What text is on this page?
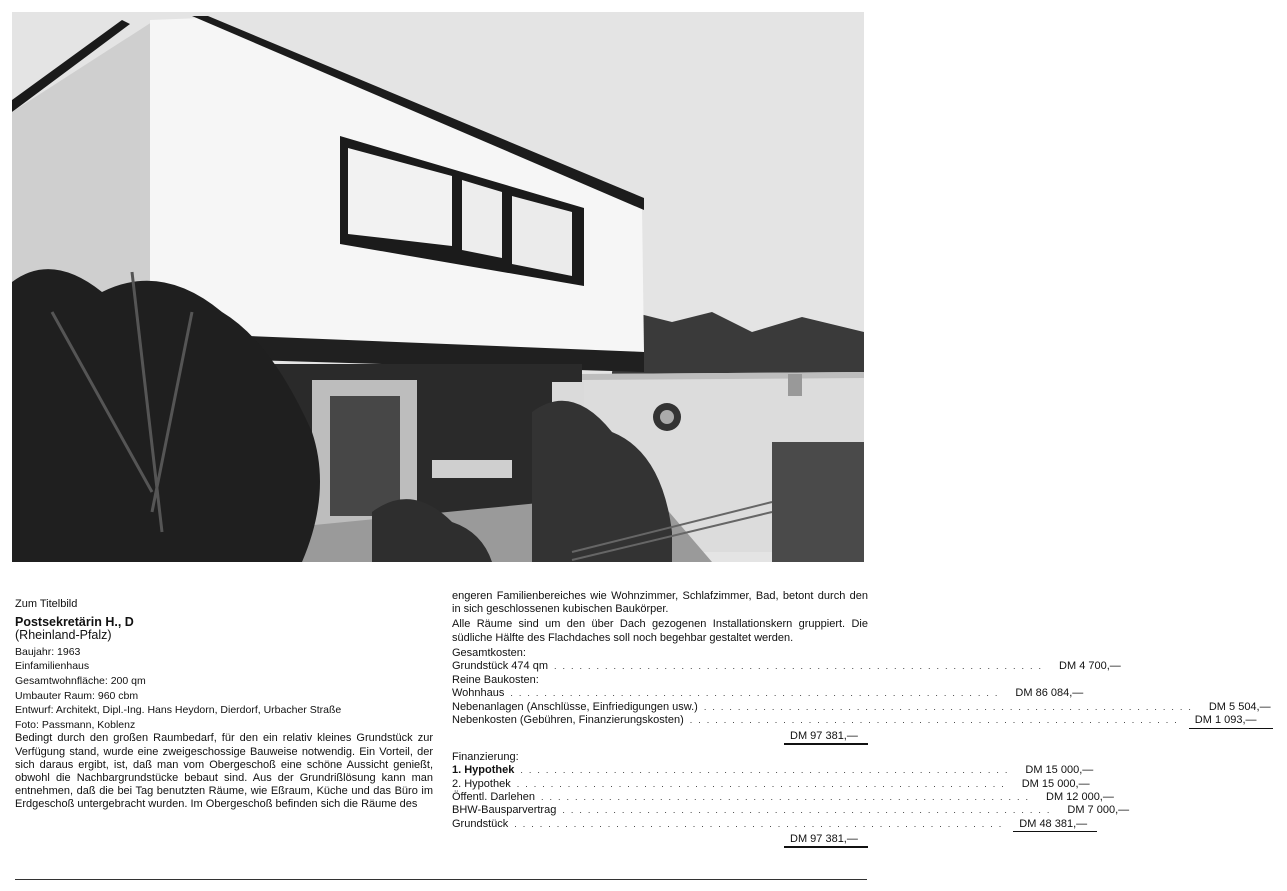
Zum Titelbild
Postsekretärin H., D
(Rheinland-Pfalz)
Baujahr: 1963
Einfamilienhaus
Gesamtwohnfläche: 200 qm
Umbauter Raum: 960 cbm
Entwurf: Architekt, Dipl.-Ing. Hans Heydorn, Dierdorf, Urbacher Straße
Foto: Passmann, Koblenz

Bedingt durch den großen Raumbedarf, für den ein relativ kleines Grundstück zur Verfügung stand, wurde eine zweigeschossige Bauweise notwendig. Ein Vorteil, der sich daraus ergibt, ist, daß man vom Obergeschoß eine schöne Aussicht genießt, obwohl die Nachbargrundstücke bebaut sind. Aus der Grundrißlösung kann man entnehmen, daß die bei Tag benutzten Räume, wie Eßraum, Küche und das Büro im Erdgeschoß untergebracht wurden. Im Obergeschoß befinden sich die Räume des

engeren Familienbereiches wie Wohnzimmer, Schlafzimmer, Bad, betont durch den in sich geschlossenen kubischen Baukörper.

Alle Räume sind um den über Dach gezogenen Installationskern gruppiert. Die südliche Hälfte des Flachdaches soll noch begehbar gestaltet werden.

Gesamtkosten:
Grundstück 474 qm ..........................................................	DM 4 700,—
Reine Baukosten:
Wohnhaus ..........................................................	DM 86 084,—
Nebenanlagen (Anschlüsse, Einfriedigungen usw.) ..........................................................	DM 5 504,—
Nebenkosten (Gebühren, Finanzierungskosten) ..........................................................	DM 1 093,—
DM 97 381,—
Finanzierung:
1. Hypothek ..........................................................	DM 15 000,—
2. Hypothek ..........................................................	DM 15 000,—
Öffentl. Darlehen ..........................................................	DM 12 000,—
BHW-Bausparvertrag ..........................................................	DM 7 000,—
Grundstück ..........................................................	DM 48 381,—
DM 97 381,—
